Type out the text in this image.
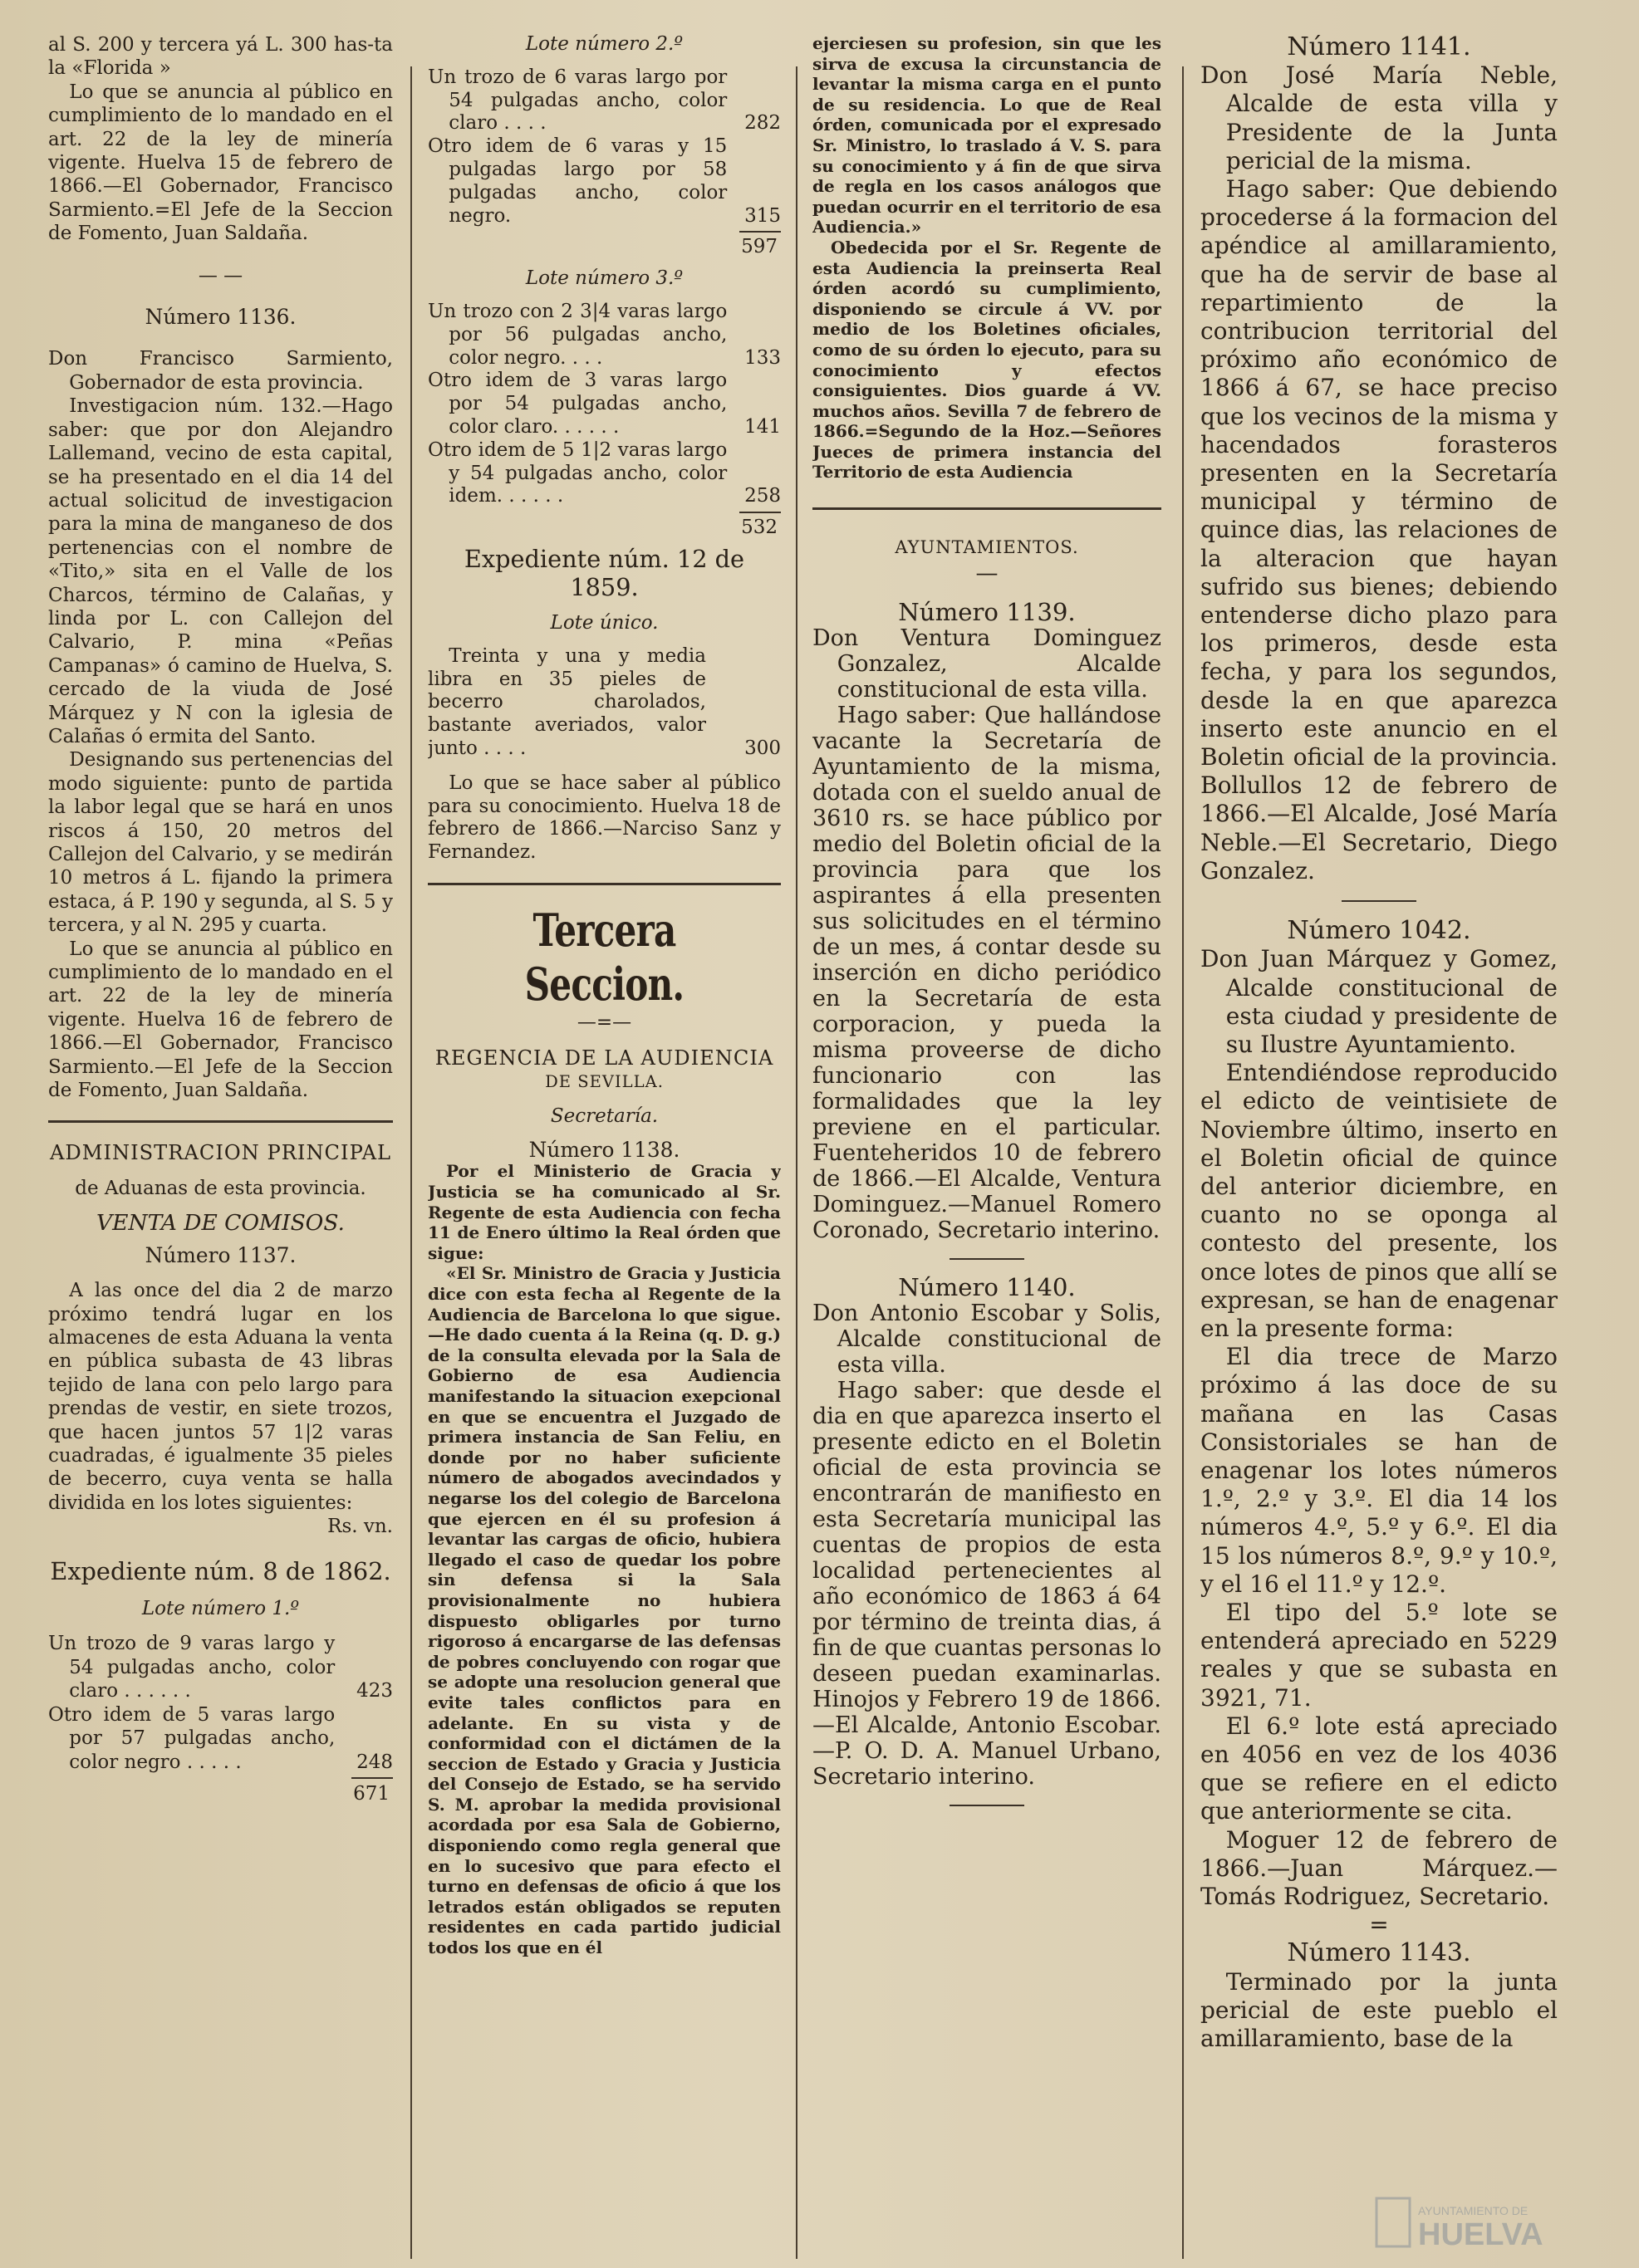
al S. 200 y tercera yá L. 300 has-ta la «Florida »

Lo que se anuncia al público en cumplimiento de lo mandado en el art. 22 de la ley de minería vigente. Huelva 15 de febrero de 1866.—El Gobernador, Francisco Sarmiento.=El Jefe de la Seccion de Fomento, Juan Saldaña.

— —

Número 1136.

Don Francisco Sarmiento, Gobernador de esta provincia.

Investigacion núm. 132.—Hago saber: que por don Alejandro Lallemand, vecino de esta capital, se ha presentado en el dia 14 del actual solicitud de investigacion para la mina de manganeso de dos pertenencias con el nombre de «Tito,» sita en el Valle de los Charcos, término de Calañas, y linda por L. con Callejon del Calvario, P. mina «Peñas Campanas» ó camino de Huelva, S. cercado de la viuda de José Márquez y N con la iglesia de Calañas ó ermita del Santo.

Designando sus pertenencias del modo siguiente: punto de partida la labor legal que se hará en unos riscos á 150, 20 metros del Callejon del Calvario, y se medirán 10 metros á L. fijando la primera estaca, á P. 190 y segunda, al S. 5 y tercera, y al N. 295 y cuarta.

Lo que se anuncia al público en cumplimiento de lo mandado en el art. 22 de la ley de minería vigente. Huelva 16 de febrero de 1866.—El Gobernador, Francisco Sarmiento.—El Jefe de la Seccion de Fomento, Juan Saldaña.

ADMINISTRACION PRINCIPAL

de Aduanas de esta provincia.

VENTA DE COMISOS.

Número 1137.

A las once del dia 2 de marzo próximo tendrá lugar en los almacenes de esta Aduana la venta en pública subasta de 43 libras tejido de lana con pelo largo para prendas de vestir, en siete trozos, que hacen juntos 57 1|2 varas cuadradas, é igualmente 35 pieles de becerro, cuya venta se halla dividida en los lotes siguientes:

Rs. vn.

Expediente núm. 8 de 1862.

Lote número 1.º

Un trozo de 9 varas largo y 54 pulgadas ancho, color claro . . . . . .	423

Otro idem de 5 varas largo por 57 pulgadas ancho, color negro . . . . .	248

671

Lote número 2.º

Un trozo de 6 varas largo por 54 pulgadas ancho, color claro . . . .	282

Otro idem de 6 varas y 15 pulgadas largo por 58 pulgadas ancho, color negro.	315

597

Lote número 3.º

Un trozo con 2 3|4 varas largo por 56 pulgadas ancho, color negro. . . .	133

Otro idem de 3 varas largo por 54 pulgadas ancho, color claro. . . . . .	141

Otro idem de 5 1|2 varas largo y 54 pulgadas ancho, color idem. . . . . .	258

532

Expediente núm. 12 de 1859.

Lote único.

Treinta y una y media libra en 35 pieles de becerro charolados, bastante averiados, valor junto . . . .	300

Lo que se hace saber al público para su conocimiento. Huelva 18 de febrero de 1866.—Narciso Sanz y Fernandez.

Tercera Seccion.

—=—

REGENCIA DE LA AUDIENCIA

DE SEVILLA.

Secretaría.

Número 1138.

Por el Ministerio de Gracia y Justicia se ha comunicado al Sr. Regente de esta Audiencia con fecha 11 de Enero último la Real órden que sigue:

«El Sr. Ministro de Gracia y Justicia dice con esta fecha al Regente de la Audiencia de Barcelona lo que sigue.—He dado cuenta á la Reina (q. D. g.) de la consulta elevada por la Sala de Gobierno de esa Audiencia manifestando la situacion exepcional en que se encuentra el Juzgado de primera instancia de San Feliu, en donde por no haber suficiente número de abogados avecindados y negarse los del colegio de Barcelona que ejercen en él su profesion á levantar las cargas de oficio, hubiera llegado el caso de quedar los pobre sin defensa si la Sala provisionalmente no hubiera dispuesto obligarles por turno rigoroso á encargarse de las defensas de pobres concluyendo con rogar que se adopte una resolucion general que evite tales conflictos para en adelante. En su vista y de conformidad con el dictámen de la seccion de Estado y Gracia y Justicia del Consejo de Estado, se ha servido S. M. aprobar la medida provisional acordada por esa Sala de Gobierno, disponiendo como regla general que en lo sucesivo que para efecto el turno en defensas de oficio á que los letrados están obligados se reputen residentes en cada partido judicial todos los que en él

ejerciesen su profesion, sin que les sirva de excusa la circunstancia de levantar la misma carga en el punto de su residencia. Lo que de Real órden, comunicada por el expresado Sr. Ministro, lo traslado á V. S. para su conocimiento y á fin de que sirva de regla en los casos análogos que puedan ocurrir en el territorio de esa Audiencia.»

Obedecida por el Sr. Regente de esta Audiencia la preinserta Real órden acordó su cumplimiento, disponiendo se circule á VV. por medio de los Boletines oficiales, como de su órden lo ejecuto, para su conocimiento y efectos consiguientes. Dios guarde á VV. muchos años. Sevilla 7 de febrero de 1866.=Segundo de la Hoz.—Señores Jueces de primera instancia del Territorio de esta Audiencia

AYUNTAMIENTOS.

—

Número 1139.

Don Ventura Dominguez Gonzalez, Alcalde constitucional de esta villa.

Hago saber: Que hallándose vacante la Secretaría de Ayuntamiento de la misma, dotada con el sueldo anual de 3610 rs. se hace público por medio del Boletin oficial de la provincia para que los aspirantes á ella presenten sus solicitudes en el término de un mes, á contar desde su inserción en dicho periódico en la Secretaría de esta corporacion, y pueda la misma proveerse de dicho funcionario con las formalidades que la ley previene en el particular. Fuenteheridos 10 de febrero de 1866.—El Alcalde, Ventura Dominguez.—Manuel Romero Coronado, Secretario interino.

Número 1140.

Don Antonio Escobar y Solis, Alcalde constitucional de esta villa.

Hago saber: que desde el dia en que aparezca inserto el presente edicto en el Boletin oficial de esta provincia se encontrarán de manifiesto en esta Secretaría municipal las cuentas de propios de esta localidad pertenecientes al año económico de 1863 á 64 por término de treinta dias, á fin de que cuantas personas lo deseen puedan examinarlas. Hinojos y Febrero 19 de 1866.—El Alcalde, Antonio Escobar.—P. O. D. A. Manuel Urbano, Secretario interino.

Número 1141.

Don José María Neble, Alcalde de esta villa y Presidente de la Junta pericial de la misma.

Hago saber: Que debiendo procederse á la formacion del apéndice al amillaramiento, que ha de servir de base al repartimiento de la contribucion territorial del próximo año económico de 1866 á 67, se hace preciso que los vecinos de la misma y hacendados forasteros presenten en la Secretaría municipal y término de quince dias, las relaciones de la alteracion que hayan sufrido sus bienes; debiendo entenderse dicho plazo para los primeros, desde esta fecha, y para los segundos, desde la en que aparezca inserto este anuncio en el Boletin oficial de la provincia. Bollullos 12 de febrero de 1866.—El Alcalde, José María Neble.—El Secretario, Diego Gonzalez.

Número 1042.

Don Juan Márquez y Gomez, Alcalde constitucional de esta ciudad y presidente de su Ilustre Ayuntamiento.

Entendiéndose reproducido el edicto de veintisiete de Noviembre último, inserto en el Boletin oficial de quince del anterior diciembre, en cuanto no se oponga al contesto del presente, los once lotes de pinos que allí se expresan, se han de enagenar en la presente forma:

El dia trece de Marzo próximo á las doce de su mañana en las Casas Consistoriales se han de enagenar los lotes números 1.º, 2.º y 3.º. El dia 14 los números 4.º, 5.º y 6.º. El dia 15 los números 8.º, 9.º y 10.º, y el 16 el 11.º y 12.º.

El tipo del 5.º lote se entenderá apreciado en 5229 reales y que se subasta en 3921, 71.

El 6.º lote está apreciado en 4056 en vez de los 4036 que se refiere en el edicto que anteriormente se cita.

Moguer 12 de febrero de 1866.—Juan Márquez.—Tomás Rodriguez, Secretario.

=

Número 1143.

Terminado por la junta pericial de este pueblo el amillaramiento, base de la

AYUNTAMIENTO DE
HUELVA
